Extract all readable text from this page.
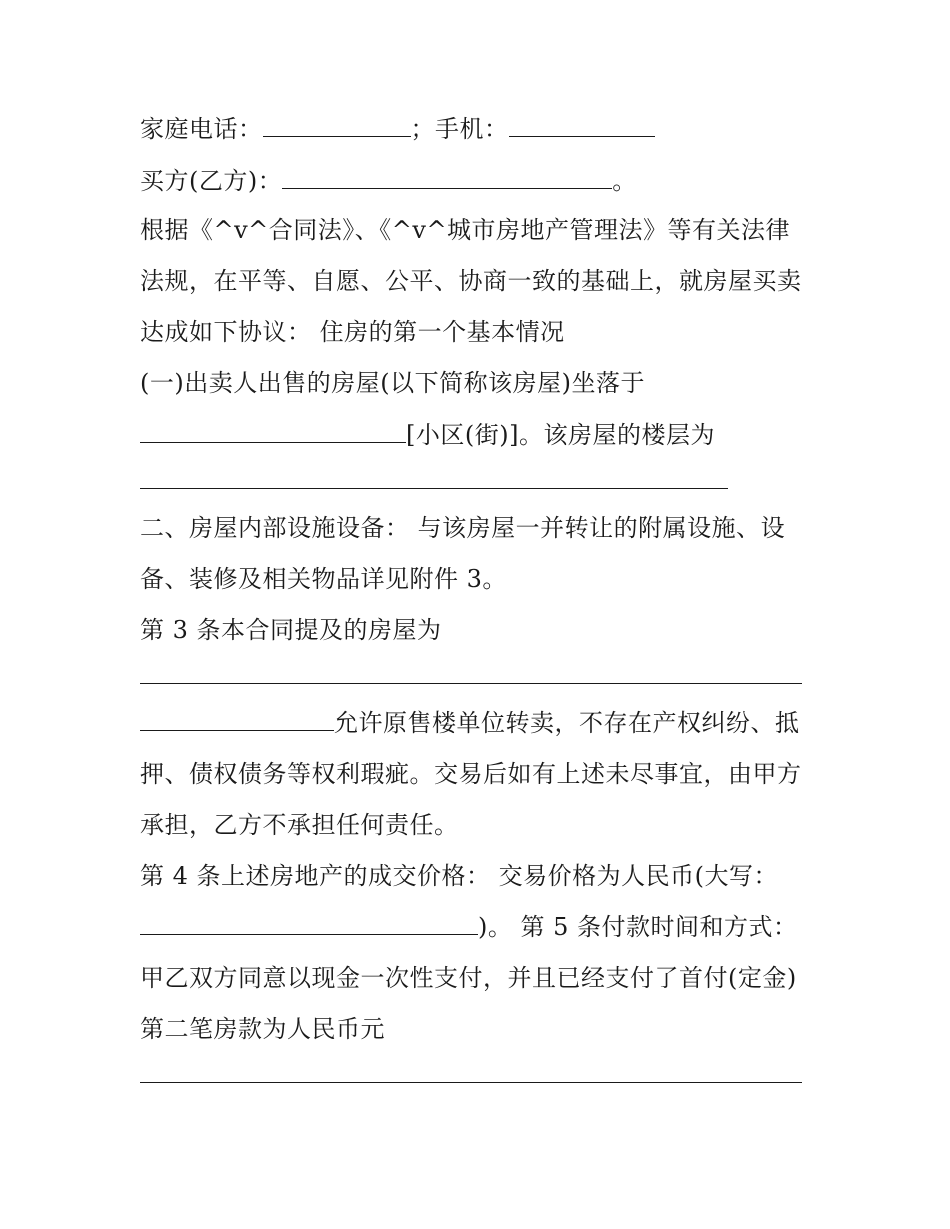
家庭电话：	；手机：
买方(乙方)：	。
根据《^v^合同法》、《^v^城市房地产管理法》等有关法律
法规，在平等、自愿、公平、协商一致的基础上，就房屋买卖
达成如下协议： 住房的第一个基本情况
(一)出卖人出售的房屋(以下简称该房屋)坐落于
[小区(街)]。该房屋的楼层为
二、房屋内部设施设备： 与该房屋一并转让的附属设施、设
备、装修及相关物品详见附件 3。
第 3 条本合同提及的房屋为
允许原售楼单位转卖，不存在产权纠纷、抵
押、债权债务等权利瑕疵。交易后如有上述未尽事宜，由甲方
承担，乙方不承担任何责任。
第 4 条上述房地产的成交价格： 交易价格为人民币(大写：
)。 第 5 条付款时间和方式：
甲乙双方同意以现金一次性支付，并且已经支付了首付(定金)
第二笔房款为人民币元
